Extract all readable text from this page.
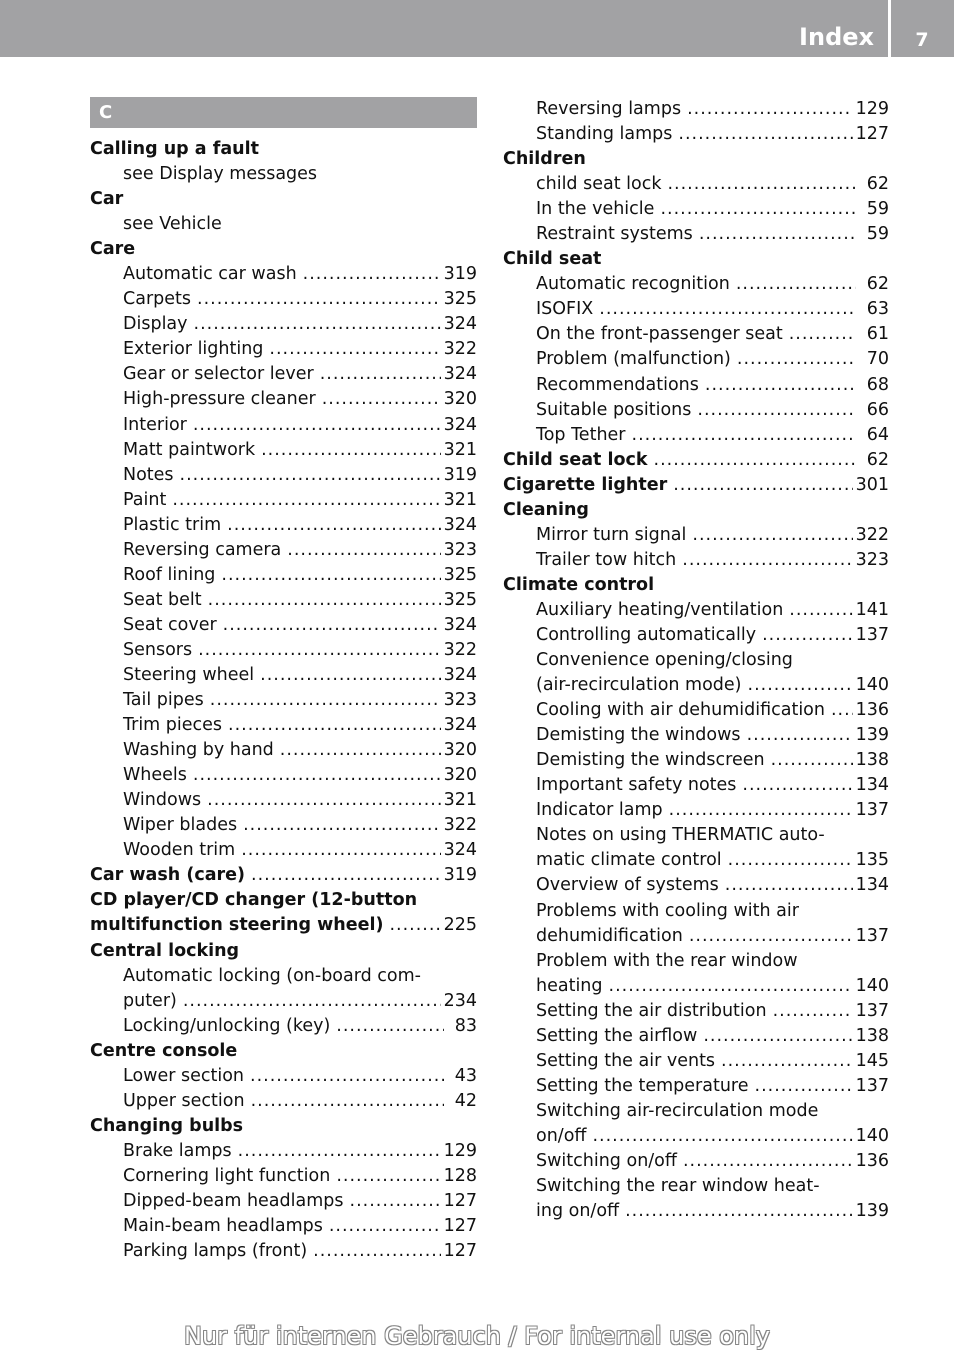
Index	7
C
Calling up a fault
see Display messages
Car
see Vehicle
Care
Automatic car wash .....	319
Carpets .....	325
Display .....	324
Exterior lighting .....	322
Gear or selector lever .....	324
High-pressure cleaner .....	320
Interior .....	324
Matt paintwork .....	321
Notes .....	319
Paint .....	321
Plastic trim .....	324
Reversing camera .....	323
Roof lining .....	325
Seat belt .....	325
Seat cover .....	324
Sensors .....	322
Steering wheel .....	324
Tail pipes .....	323
Trim pieces .....	324
Washing by hand .....	320
Wheels .....	320
Windows .....	321
Wiper blades .....	322
Wooden trim .....	324
Car wash (care) .....	319
CD player/CD changer (12-button
multifunction steering wheel) .....	225
Central locking
Automatic locking (on-board com-
puter) .....	234
Locking/unlocking (key) .....	83
Centre console
Lower section .....	43
Upper section .....	42
Changing bulbs
Brake lamps .....	129
Cornering light function .....	128
Dipped-beam headlamps .....	127
Main-beam headlamps .....	127
Parking lamps (front) .....	127
Reversing lamps .....	129
Standing lamps .....	127
Children
child seat lock .....	62
In the vehicle .....	59
Restraint systems .....	59
Child seat
Automatic recognition .....	62
ISOFIX .....	63
On the front-passenger seat .....	61
Problem (malfunction) .....	70
Recommendations .....	68
Suitable positions .....	66
Top Tether .....	64
Child seat lock .....	62
Cigarette lighter .....	301
Cleaning
Mirror turn signal .....	322
Trailer tow hitch .....	323
Climate control
Auxiliary heating/ventilation .....	141
Controlling automatically .....	137
Convenience opening/closing
(air-recirculation mode) .....	140
Cooling with air dehumidification ..... 136
Demisting the windows .....	139
Demisting the windscreen .....	138
Important safety notes .....	134
Indicator lamp .....	137
Notes on using THERMATIC auto-
matic climate control .....	135
Overview of systems .....	134
Problems with cooling with air
dehumidification .....	137
Problem with the rear window
heating .....	140
Setting the air distribution .....	137
Setting the airflow .....	138
Setting the air vents .....	145
Setting the temperature .....	137
Switching air-recirculation mode
on/off .....	140
Switching on/off .....	136
Switching the rear window heat-
ing on/off .....	139
Nur für internen Gebrauch / For internal use only
